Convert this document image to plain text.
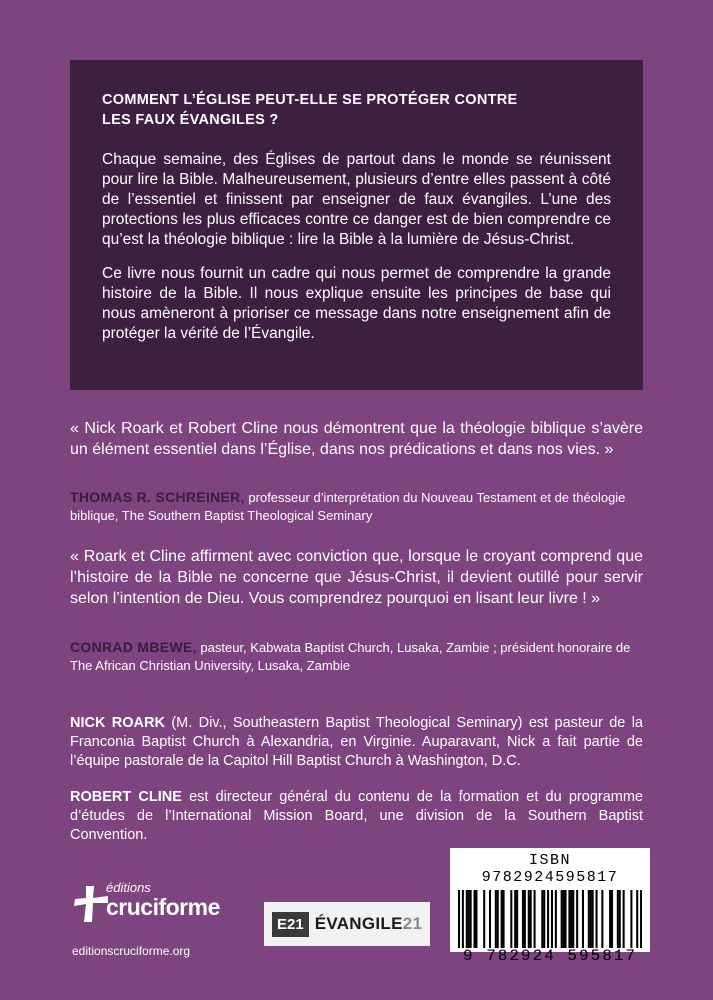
COMMENT L’ÉGLISE PEUT-ELLE SE PROTÉGER CONTRE
LES FAUX ÉVANGILES ?

Chaque semaine, des Églises de partout dans le monde se réunissent pour lire la Bible. Malheureusement, plusieurs d’entre elles passent à côté de l’essentiel et finissent par enseigner de faux évangiles. L’une des protections les plus efficaces contre ce danger est de bien comprendre ce qu’est la théologie biblique : lire la Bible à la lumière de Jésus-Christ.

Ce livre nous fournit un cadre qui nous permet de comprendre la grande histoire de la Bible. Il nous explique ensuite les principes de base qui nous amèneront à prioriser ce message dans notre enseignement afin de protéger la vérité de l’Évangile.

« Nick Roark et Robert Cline nous démontrent que la théologie biblique s’avère un élément essentiel dans l’Église, dans nos prédications et dans nos vies. »
THOMAS R. SCHREINER, professeur d’interprétation du Nouveau Testament et de théologie biblique, The Southern Baptist Theological Seminary
« Roark et Cline affirment avec conviction que, lorsque le croyant comprend que l’histoire de la Bible ne concerne que Jésus-Christ, il devient outillé pour servir selon l’intention de Dieu. Vous comprendrez pourquoi en lisant leur livre ! »
CONRAD MBEWE, pasteur, Kabwata Baptist Church, Lusaka, Zambie ; président honoraire de The African Christian University, Lusaka, Zambie
NICK ROARK (M. Div., Southeastern Baptist Theological Seminary) est pasteur de la Franconia Baptist Church à Alexandria, en Virginie. Auparavant, Nick a fait partie de l’équipe pastorale de la Capitol Hill Baptist Church à Washington, D.C.
ROBERT CLINE est directeur général du contenu de la formation et du programme d’études de l’International Mission Board, une division de la Southern Baptist Convention.
éditions
cruciforme
editionscruciforme.org
E21 ÉVANGILE21
ISBN 9782924595817
9 782924 595817
